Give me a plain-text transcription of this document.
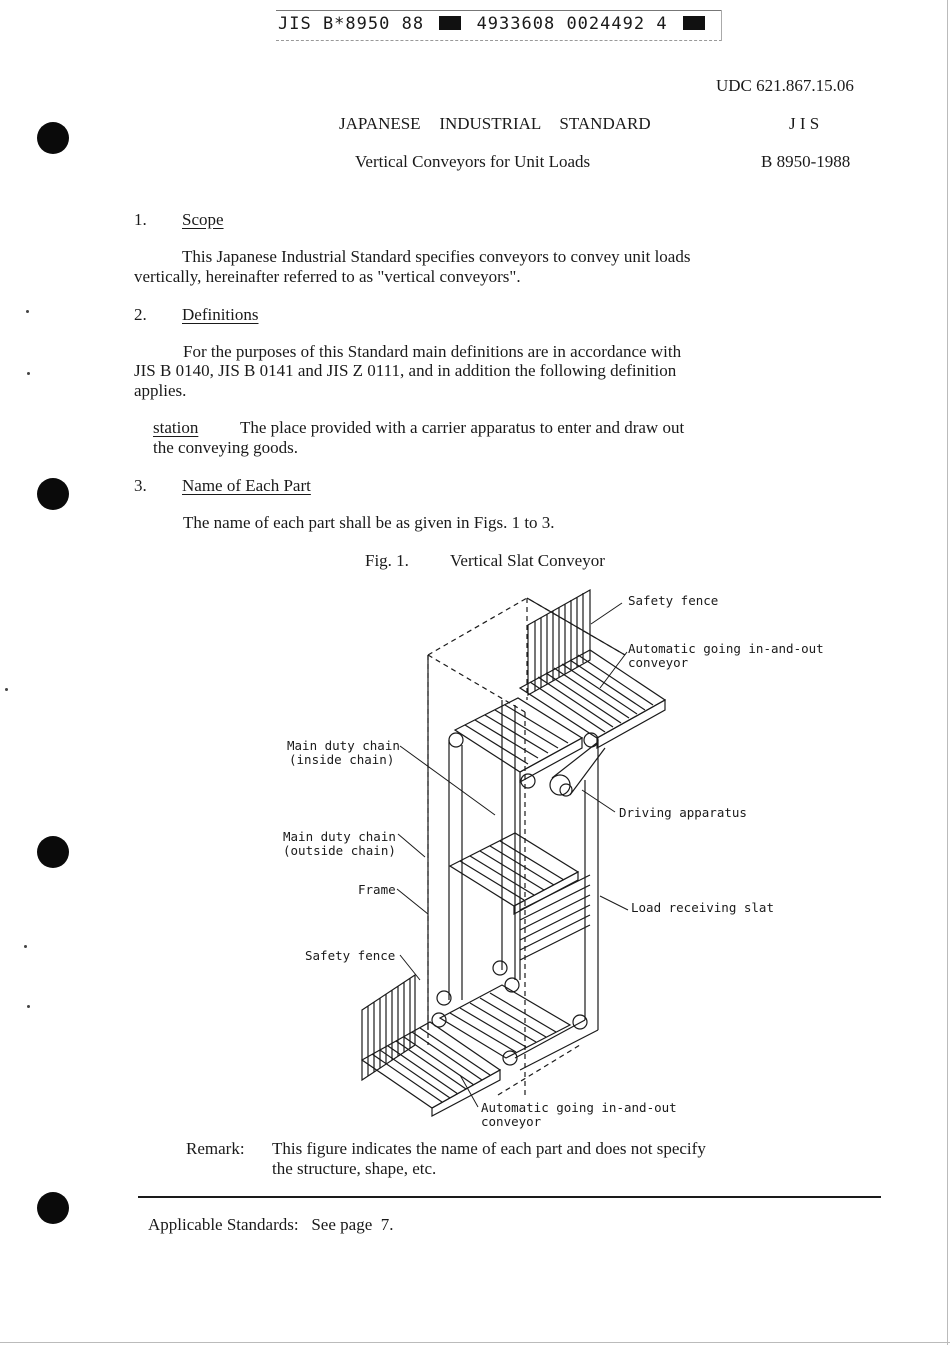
JIS B*8950 88	4933608 0024492 4
UDC 621.867.15.06
JAPANESE   INDUSTRIAL   STANDARD	J I S
Vertical Conveyors for Unit Loads	B 8950-1988
1. Scope
This Japanese Industrial Standard specifies conveyors to convey unit loads
vertically, hereinafter referred to as "vertical conveyors".
2. Definitions
For the purposes of this Standard main definitions are in accordance with
JIS B 0140, JIS B 0141 and JIS Z 0111, and in addition the following definition
applies.
station The place provided with a carrier apparatus to enter and draw out
the conveying goods.
3. Name of Each Part
The name of each part shall be as given in Figs. 1 to 3.
Fig. 1. Vertical Slat Conveyor
Safety fence
Automatic going in-and-out
conveyor
Main duty chain
(inside chain)
Driving apparatus
Main duty chain
(outside chain)
Frame
Load receiving slat
Safety fence
Automatic going in-and-out
conveyor
Remark: This figure indicates the name of each part and does not specify
the structure, shape, etc.
Applicable Standards:   See page  7.
